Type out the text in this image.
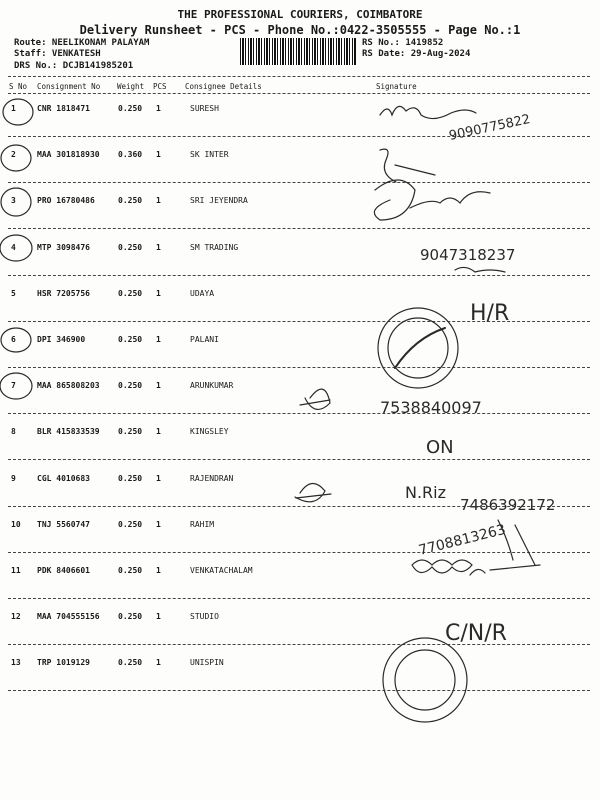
THE PROFESSIONAL COURIERS, COIMBATORE
Delivery Runsheet - PCS - Phone No.:0422-3505555 - Page No.:1
Route: NEELIKONAM PALAYAM
Staff: VENKATESH
DRS No.: DCJB141985201
RS No.: 1419852
RS Date: 29-Aug-2024
S No Consignment No Weight PCS Consignee Details	Signature
1	CNR 1818471	0.250 1	SURESH
2	MAA 301818930 0.360 1	SK INTER
3	PRO 16780486	0.250 1	SRI JEYENDRA
4	MTP 3098476	0.250 1	SM TRADING
5	HSR 7205756	0.250 1	UDAYA
6	DPI 346900	0.250 1	PALANI
7	MAA 865808203 0.250 1	ARUNKUMAR
8	BLR 415833539 0.250 1	KINGSLEY
9	CGL 4010683	0.250 1	RAJENDRAN
10 TNJ 5560747	0.250 1	RAHIM
11 PDK 8406601	0.250 1	VENKATACHALAM
12 MAA 704555156 0.250 1	STUDIO
13 TRP 1019129	0.250 1	UNISPIN
9090775822
9047318237
H/R
7538840097
ON
N.Riz
7486392172
7708813263
C/N/R
